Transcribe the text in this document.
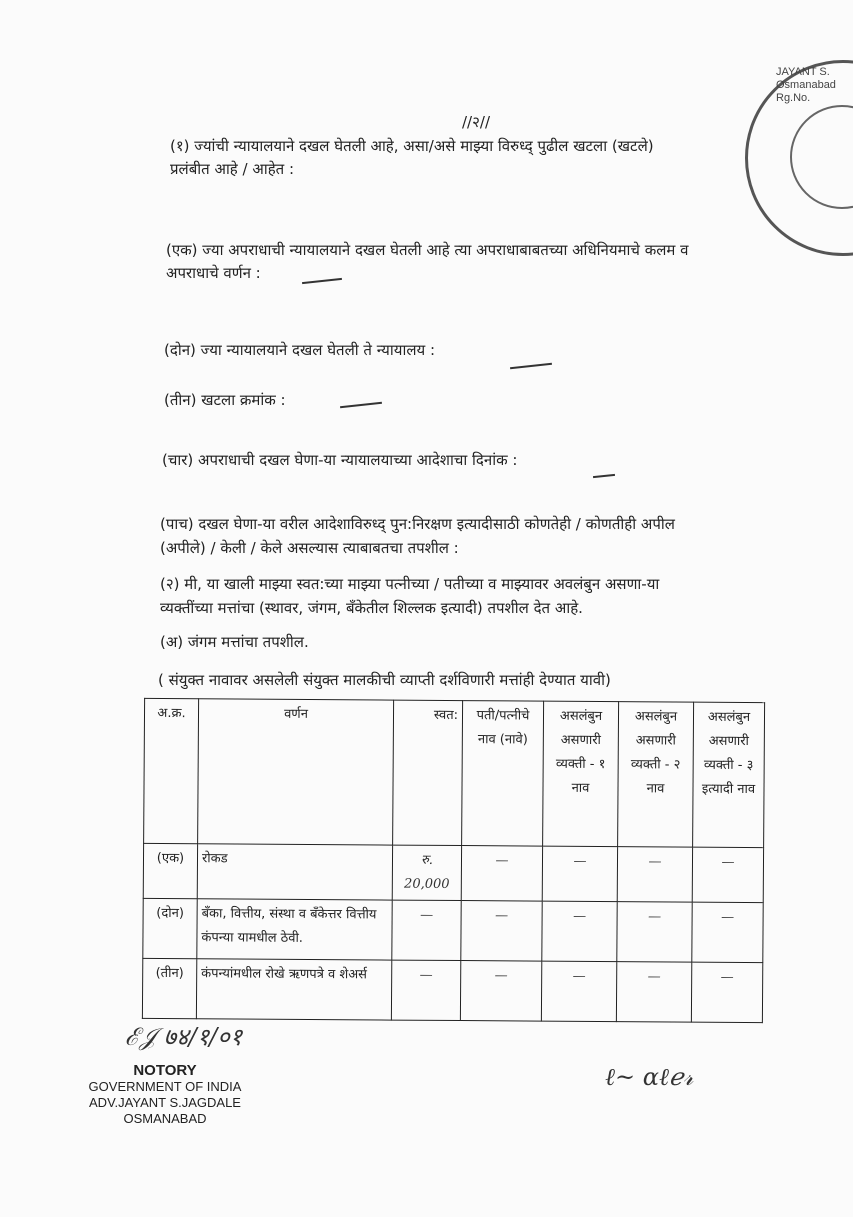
JAYANT S. Osmanabad Rg.No.
//२//
(१) ज्यांची न्यायालयाने दखल घेतली आहे, असा/असे माझ्या विरुध्द् पुढील खटला (खटले)
प्रलंबीत आहे / आहेत :
(एक) ज्या अपराधाची न्यायालयाने दखल घेतली आहे त्या अपराधाबाबतच्या अधिनियमाचे कलम व
अपराधाचे वर्णन :
(दोन) ज्या न्यायालयाने दखल घेतली ते न्यायालय :
(तीन) खटला क्रमांक :
(चार) अपराधाची दखल घेणा-या न्यायालयाच्या आदेशाचा दिनांक :
(पाच) दखल घेणा-या वरील आदेशाविरुध्द् पुन:निरक्षण इत्यादीसाठी कोणतेही / कोणतीही अपील
(अपीले) / केली / केले असल्यास त्याबाबतचा तपशील :
(२) मी, या खाली माझ्या स्वत:च्या माझ्या पत्नीच्या / पतीच्या व माझ्यावर अवलंबुन असणा-या
व्यक्तींच्या मत्तांचा (स्थावर, जंगम, बॅंकेतील शिल्लक इत्यादी) तपशील देत आहे.
(अ) जंगम मत्तांचा तपशील.
( संयुक्त नावावर असलेली संयुक्त मालकीची व्याप्ती दर्शविणारी मत्तांही देण्यात यावी)
अ.क्र.	वर्णन	स्वत:	पती/पत्नीचे नाव (नावे)	असलंबुन असणारी व्यक्ती - १ नाव	असलंबुन असणारी व्यक्ती - २ नाव	असलंबुन असणारी व्यक्ती - ३ इत्यादी नाव
(एक)	रोकड	रु. 20,000	—	—	—	—
(दोन)	बॅंका, वित्तीय, संस्था व बॅंकेत्तर वित्तीय कंपन्या यामधील ठेवी.	—	—	—	—	—
(तीन)	कंपन्यांमधील रोखे ऋणपत्रे व शेअर्स	—	—	—	—	—
ℰ𝒥 ७४/१/०१
NOTORY
GOVERNMENT OF INDIA
ADV.JAYANT S.JAGDALE
OSMANABAD
ℓ~ ɑℓℯ𝓇
